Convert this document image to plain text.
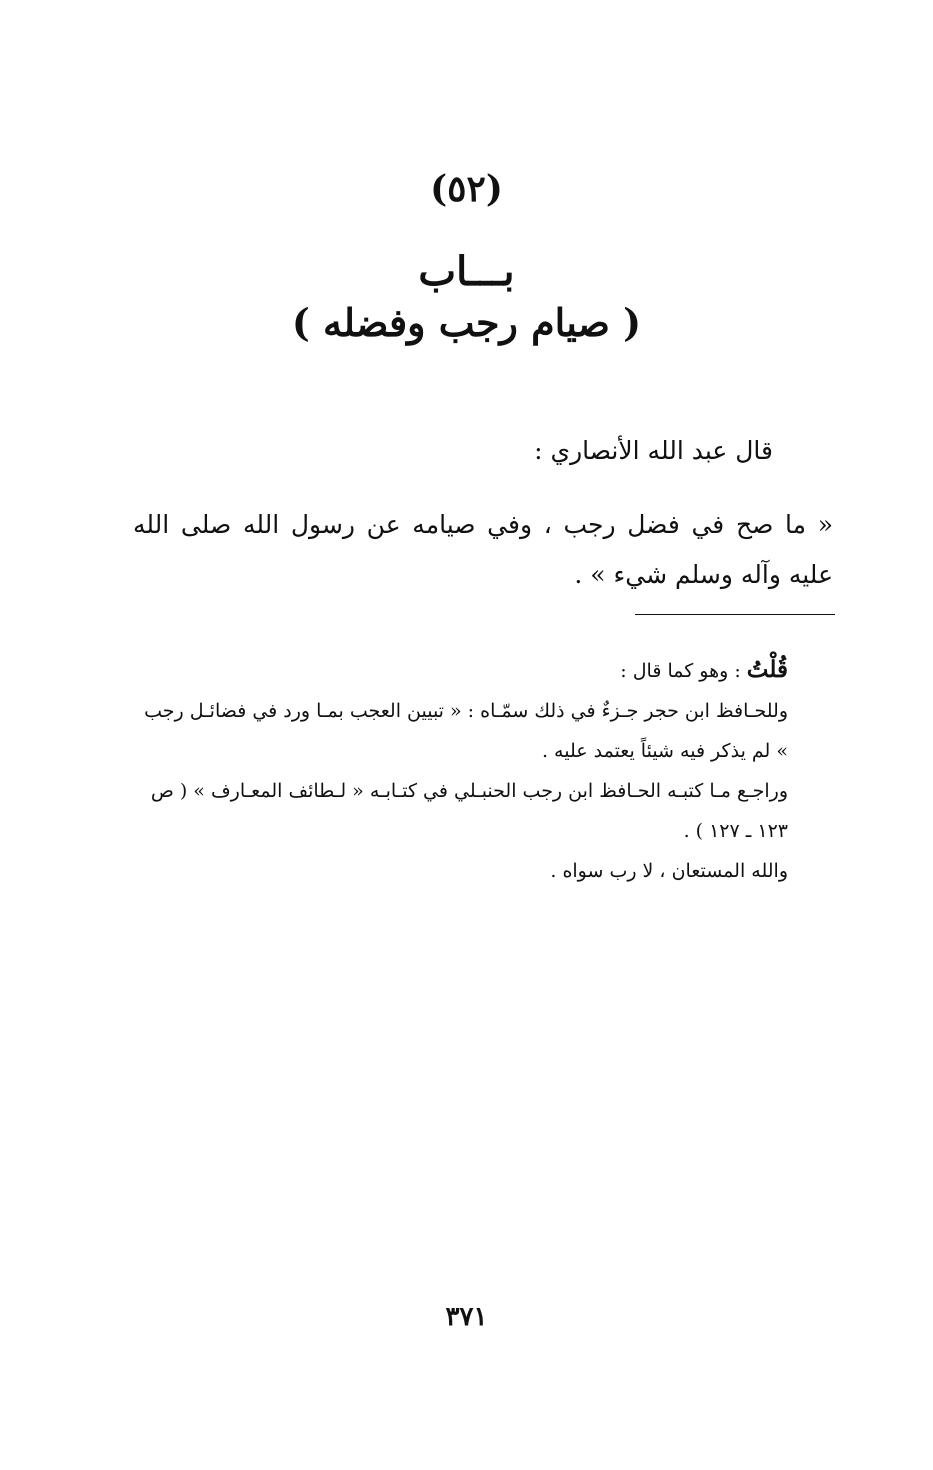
(٥٢)
بـــاب
( صيام رجب وفضله )
قال عبد الله الأنصاري :
« ما صح في فضل رجب ، وفي صيامه عن رسول الله صلى الله عليه وآله وسلم شيء » .

قُلْتُ : وهو كما قال :

وللحـافظ ابن حجر جـزءٌ في ذلك سمّـاه : « تبيين العجب بمـا ورد في فضائـل رجب » لم يذكر فيه شيئاً يعتمد عليه .

وراجـع مـا كتبـه الحـافظ ابن رجب الحنبـلي في كتـابـه « لـطائف المعـارف » ( ص ١٢٣ ـ ١٢٧ ) .

والله المستعان ، لا رب سواه .

٣٧١
